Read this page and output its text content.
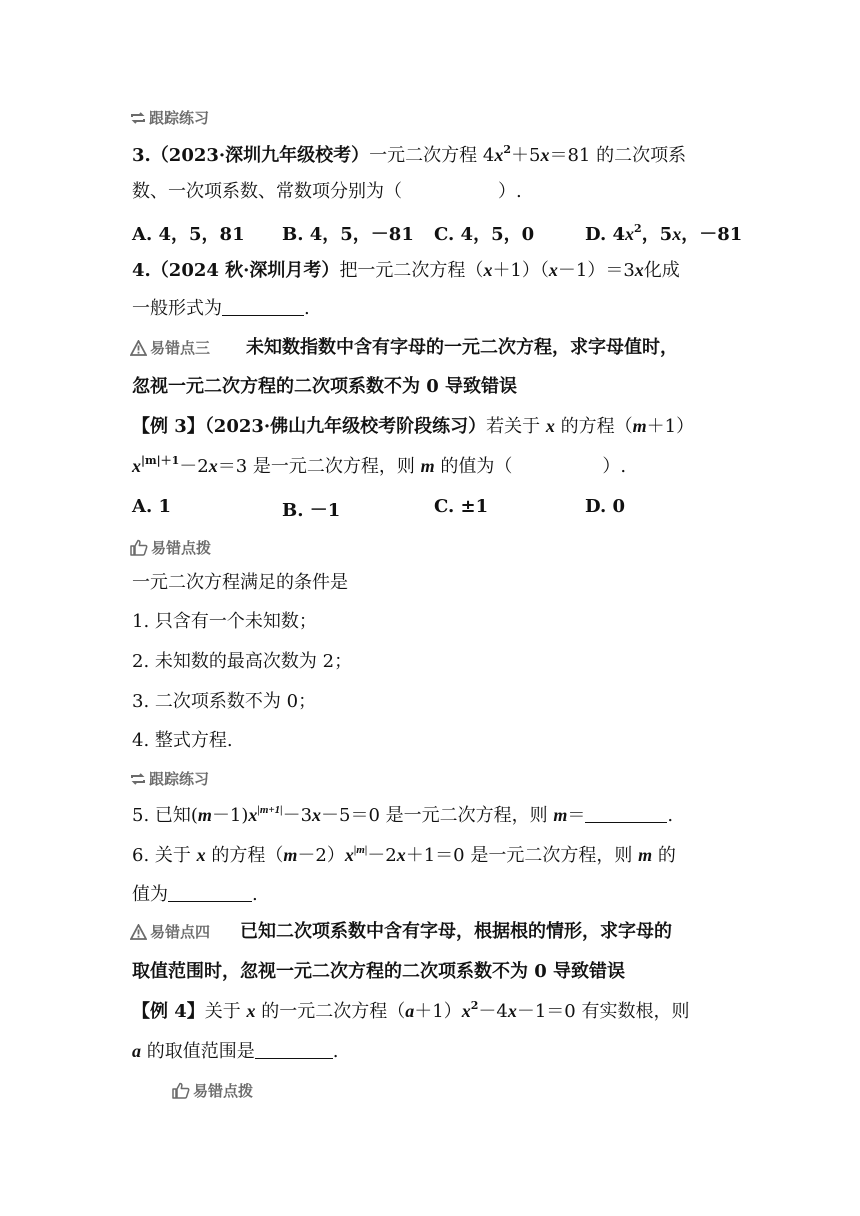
跟踪练习
3.（2023·深圳九年级校考）一元二次方程 $4x^2+5x=81$ 的二次项系
数、一次项系数、常数项分别为（	）.
A. 4，5，81 B. 4，5，－81 C. 4，5，0	D. $4x^2$，5x，－81
4.（2024 秋·深圳月考）把一元二次方程（x＋1）（x－1）＝3x化成
一般形式为	.
易错点三 未知数指数中含有字母的一元二次方程，求字母值时，
忽视一元二次方程的二次项系数不为 0 导致错误
【例 3】（2023·佛山九年级校考阶段练习）若关于 x 的方程（m＋1）
$x^{|m|+1}-2x=3$ 是一元二次方程，则 m 的值为（	）.
A. 1	B. －1	C. ±1	D. 0
易错点拨
一元二次方程满足的条件是
1. 只含有一个未知数；
2. 未知数的最高次数为 2；
3. 二次项系数不为 0；
4. 整式方程.
跟踪练习
5. 已知$(m-1)x^{|m+1|}-3x-5=0$ 是一元二次方程，则 m＝	.
6. 关于 x 的方程$(m-2)x^{|m|}-2x+1=0$ 是一元二次方程，则 m 的
值为	.
易错点四 已知二次项系数中含有字母，根据根的情形，求字母的
取值范围时，忽视一元二次方程的二次项系数不为 0 导致错误
【例 4】关于 x 的一元二次方程$(a+1)x^2-4x-1=0$ 有实数根，则
a 的取值范围是	.
易错点拨
